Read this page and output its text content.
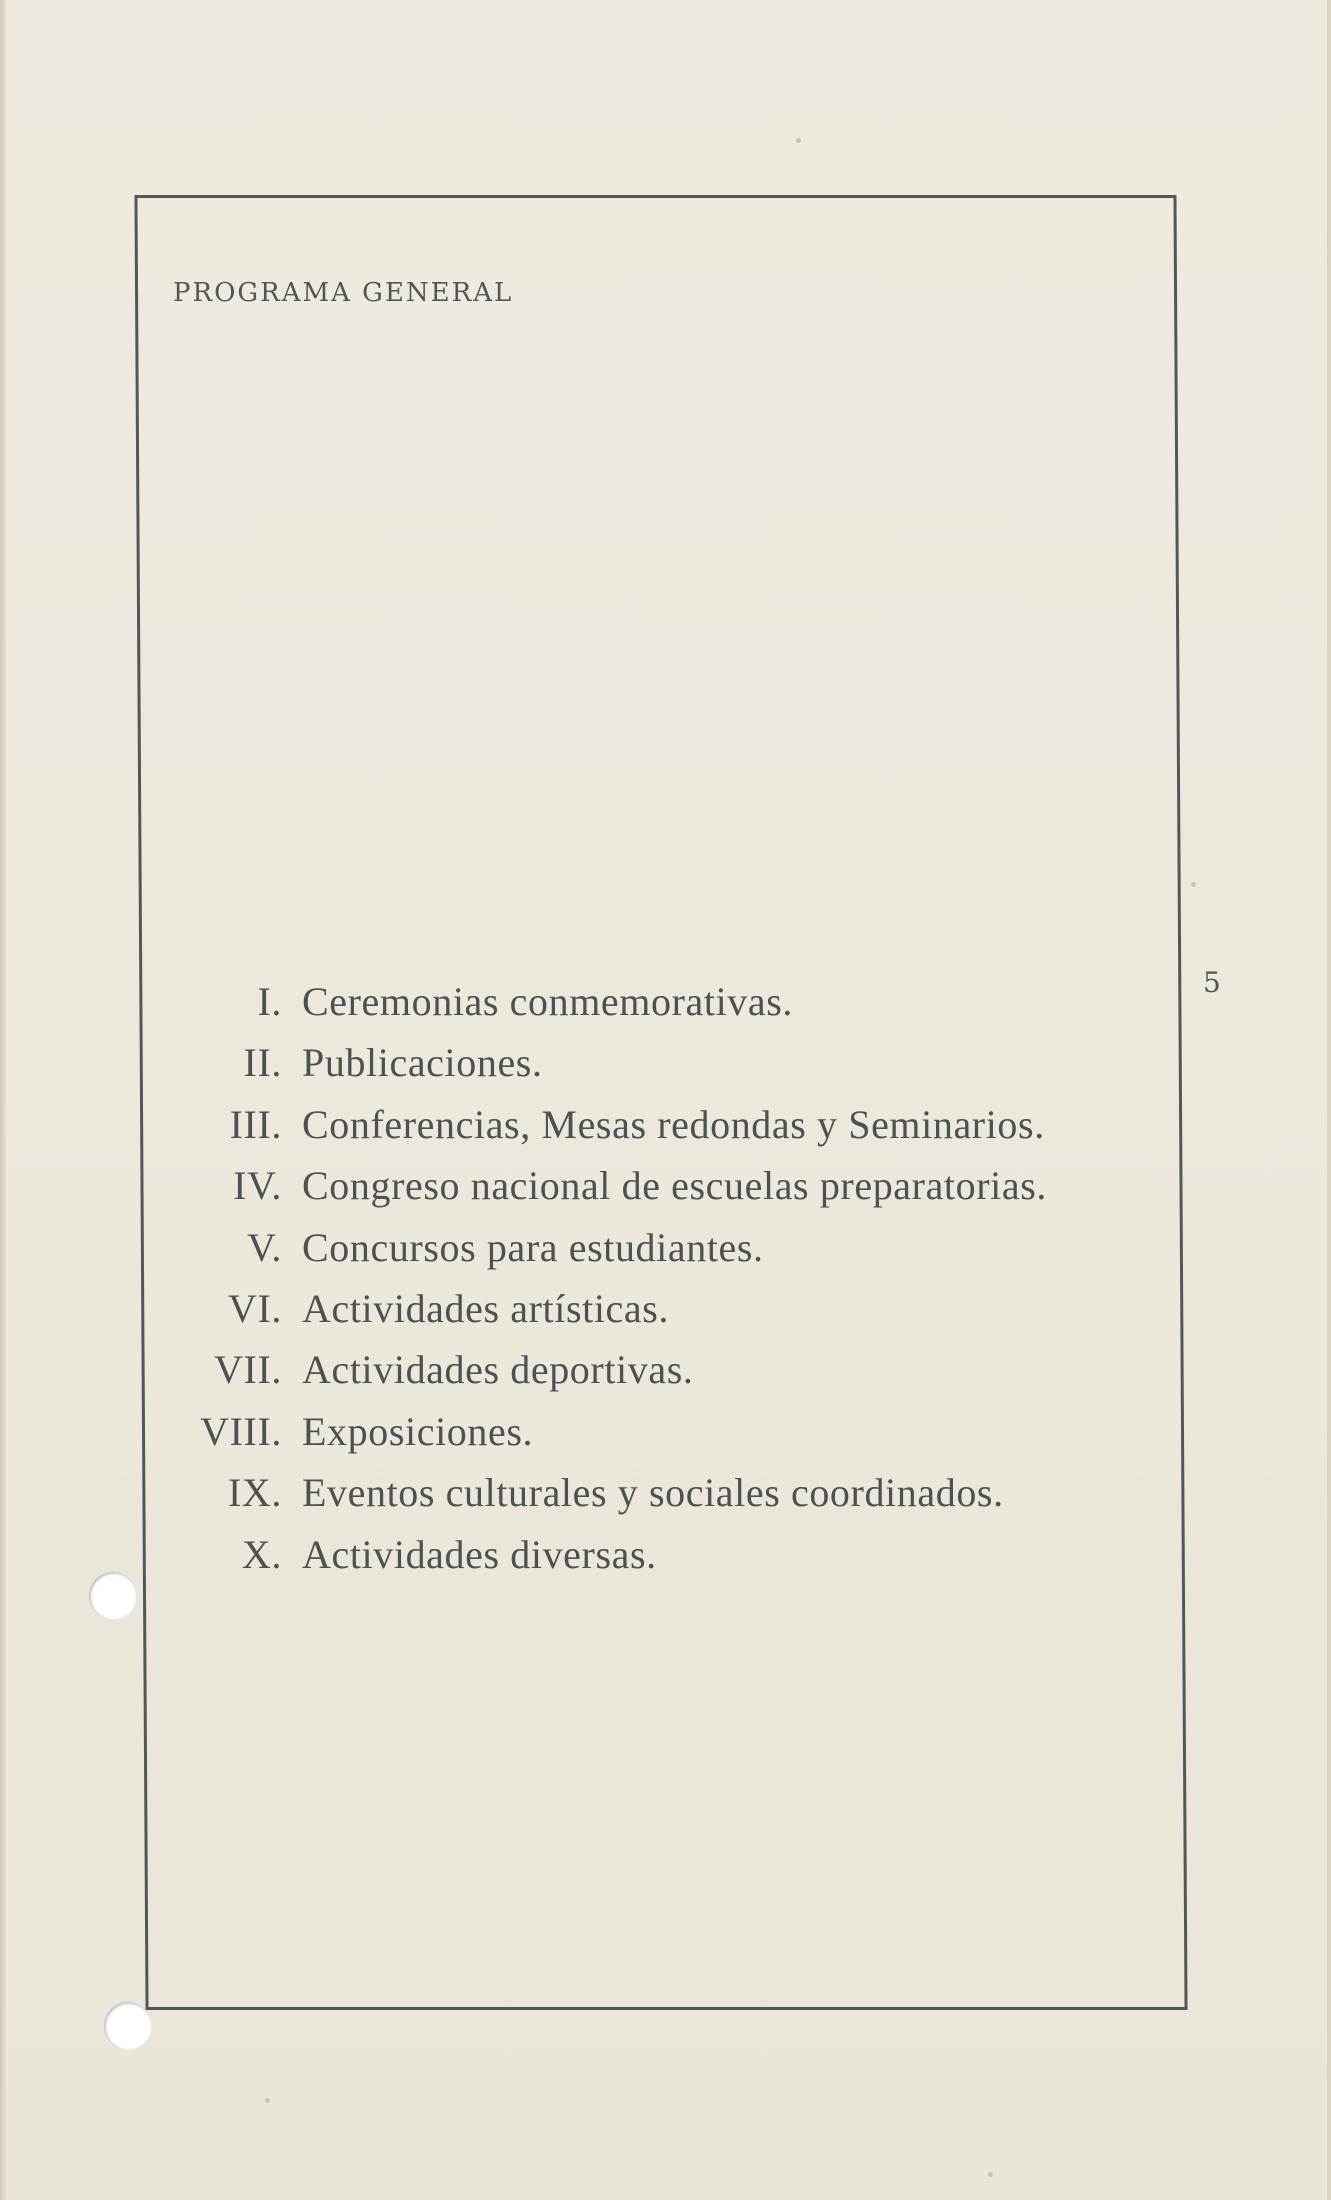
PROGRAMA GENERAL
5
I. Ceremonias conmemorativas.
II. Publicaciones.
III. Conferencias, Mesas redondas y Seminarios.
IV. Congreso nacional de escuelas preparatorias.
V. Concursos para estudiantes.
VI. Actividades artísticas.
VII. Actividades deportivas.
VIII. Exposiciones.
IX. Eventos culturales y sociales coordinados.
X. Actividades diversas.
